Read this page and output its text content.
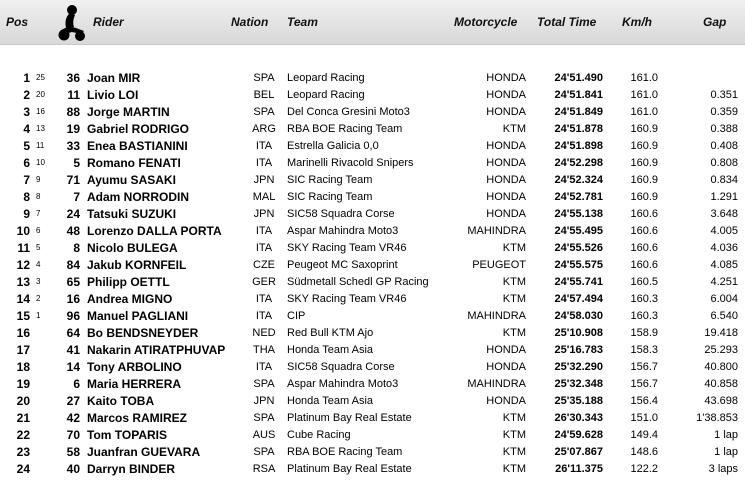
Pos	Rider	Nation Team	Motorcycle Total Time Km/h	Gap
1 25	36 Joan MIR	SPA Leopard Racing	HONDA	24'51.490 161.0
2 20	11 Livio LOI	BEL Leopard Racing	HONDA	24'51.841 161.0	0.351
3 16	88 Jorge MARTIN	SPA Del Conca Gresini Moto3	HONDA	24'51.849 161.0	0.359
4 13	19 Gabriel RODRIGO	ARG RBA BOE Racing Team	KTM	24'51.878 160.9	0.388
5 11	33 Enea BASTIANINI	ITA	Estrella Galicia 0,0	HONDA	24'51.898 160.9	0.408
6 10	5 Romano FENATI	ITA	Marinelli Rivacold Snipers	HONDA	24'52.298 160.9	0.808
7 9	71 Ayumu SASAKI	JPN SIC Racing Team	HONDA	24'52.324 160.9	0.834
8 8	7 Adam NORRODIN	MAL SIC Racing Team	HONDA	24'52.781 160.9	1.291
9 7	24 Tatsuki SUZUKI	JPN SIC58 Squadra Corse	HONDA	24'55.138 160.6	3.648
10 6	48 Lorenzo DALLA PORTA	ITA	Aspar Mahindra Moto3	MAHINDRA	24'55.495 160.6	4.005
11 5	8 Nicolo BULEGA	ITA	SKY Racing Team VR46	KTM	24'55.526 160.6	4.036
12 4	84 Jakub KORNFEIL	CZE Peugeot MC Saxoprint	PEUGEOT	24'55.575 160.6	4.085
13 3	65 Philipp OETTL	GER Südmetall Schedl GP Racing	KTM	24'55.741 160.5	4.251
14 2	16 Andrea MIGNO	ITA	SKY Racing Team VR46	KTM	24'57.494 160.3	6.004
15 1	96 Manuel PAGLIANI	ITA	CIP	MAHINDRA	24'58.030 160.3	6.540
16	64 Bo BENDSNEYDER	NED Red Bull KTM Ajo	KTM	25'10.908 158.9	19.418
17	41 Nakarin ATIRATPHUVAP	THA Honda Team Asia	HONDA	25'16.783 158.3	25.293
18	14 Tony ARBOLINO	ITA	SIC58 Squadra Corse	HONDA	25'32.290 156.7	40.800
19	6 Maria HERRERA	SPA Aspar Mahindra Moto3	MAHINDRA	25'32.348 156.7	40.858
20	27 Kaito TOBA	JPN Honda Team Asia	HONDA	25'35.188 156.4	43.698
21	42 Marcos RAMIREZ	SPA Platinum Bay Real Estate	KTM	26'30.343 151.0	1'38.853
22	70 Tom TOPARIS	AUS Cube Racing	KTM	24'59.628 149.4	1 lap
23	58 Juanfran GUEVARA	SPA RBA BOE Racing Team	KTM	25'07.867 148.6	1 lap
24	40 Darryn BINDER	RSA Platinum Bay Real Estate	KTM	26'11.375 122.2	3 laps
